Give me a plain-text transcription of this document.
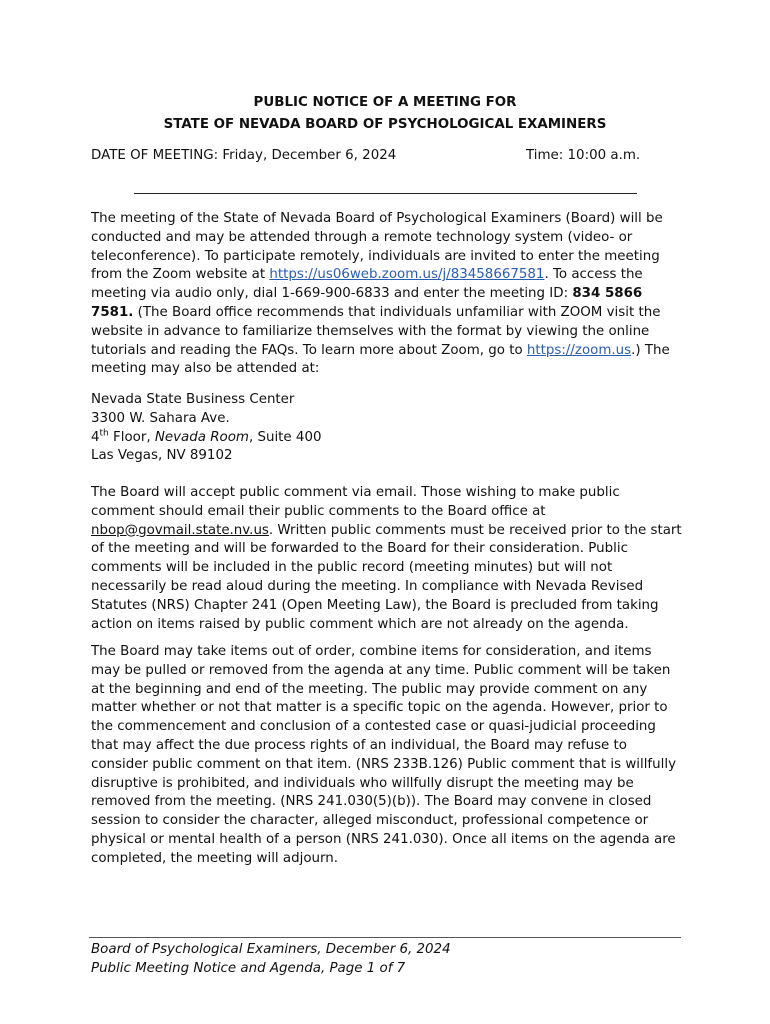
PUBLIC NOTICE OF A MEETING FOR
STATE OF NEVADA BOARD OF PSYCHOLOGICAL EXAMINERS
DATE OF MEETING: Friday, December 6, 2024	Time: 10:00 a.m.

The meeting of the State of Nevada Board of Psychological Examiners (Board) will be conducted and may be attended through a remote technology system (video- or teleconference). To participate remotely, individuals are invited to enter the meeting from the Zoom website at https://us06web.zoom.us/j/83458667581. To access the meeting via audio only, dial 1-669-900-6833 and enter the meeting ID: 834 5866 7581. (The Board office recommends that individuals unfamiliar with ZOOM visit the website in advance to familiarize themselves with the format by viewing the online tutorials and reading the FAQs. To learn more about Zoom, go to https://zoom.us.) The meeting may also be attended at:

Nevada State Business Center
3300 W. Sahara Ave.
4th Floor, Nevada Room, Suite 400
Las Vegas, NV 89102

The Board will accept public comment via email. Those wishing to make public comment should email their public comments to the Board office at nbop@govmail.state.nv.us. Written public comments must be received prior to the start of the meeting and will be forwarded to the Board for their consideration. Public comments will be included in the public record (meeting minutes) but will not necessarily be read aloud during the meeting. In compliance with Nevada Revised Statutes (NRS) Chapter 241 (Open Meeting Law), the Board is precluded from taking action on items raised by public comment which are not already on the agenda.

The Board may take items out of order, combine items for consideration, and items may be pulled or removed from the agenda at any time. Public comment will be taken at the beginning and end of the meeting. The public may provide comment on any matter whether or not that matter is a specific topic on the agenda. However, prior to the commencement and conclusion of a contested case or quasi-judicial proceeding that may affect the due process rights of an individual, the Board may refuse to consider public comment on that item. (NRS 233B.126) Public comment that is willfully disruptive is prohibited, and individuals who willfully disrupt the meeting may be removed from the meeting. (NRS 241.030(5)(b)). The Board may convene in closed session to consider the character, alleged misconduct, professional competence or physical or mental health of a person (NRS 241.030). Once all items on the agenda are completed, the meeting will adjourn.

Board of Psychological Examiners, December 6, 2024
Public Meeting Notice and Agenda, Page 1 of 7
